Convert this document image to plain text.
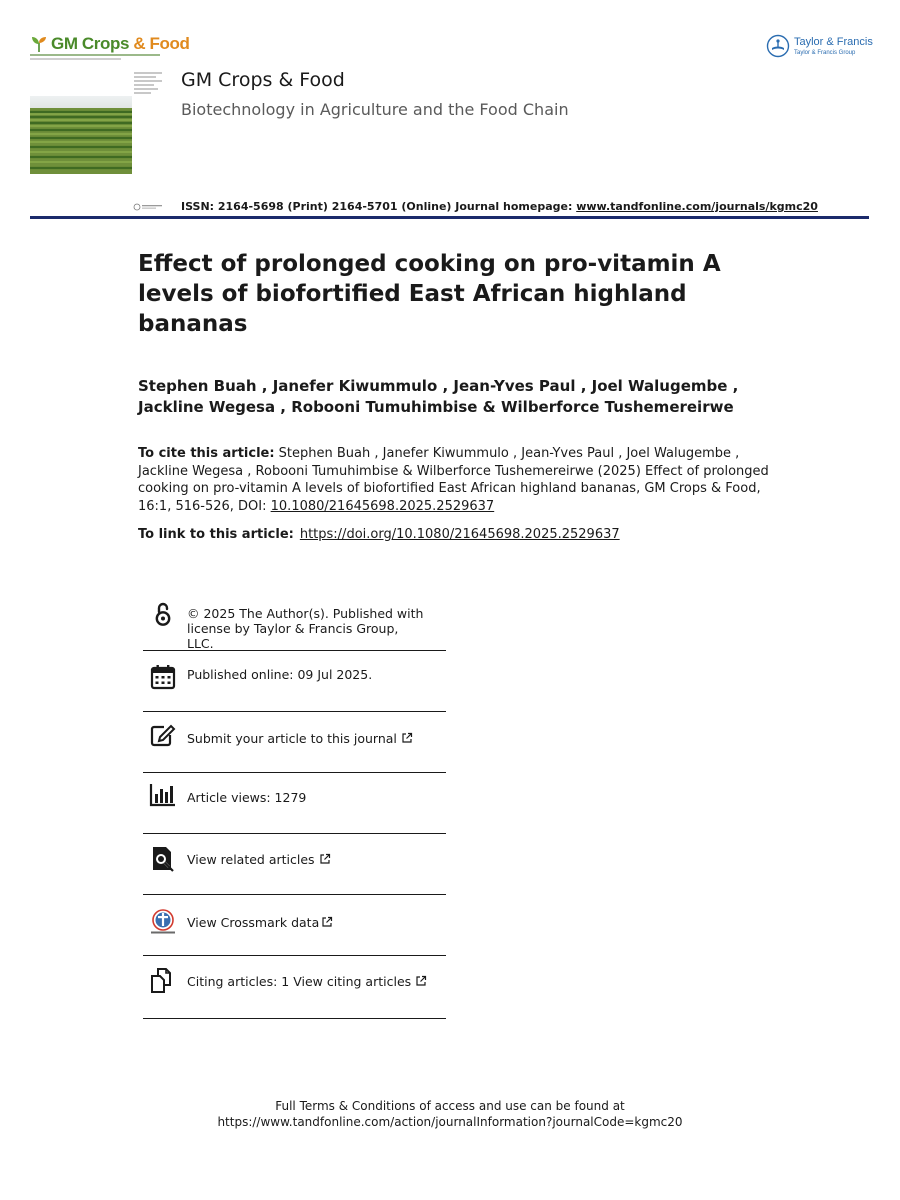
GM Crops & Food	Taylor & Francis
Taylor & Francis Group
GM Crops & Food
Biotechnology in Agriculture and the Food Chain
ISSN: 2164-5698 (Print) 2164-5701 (Online) Journal homepage: www.tandfonline.com/journals/kgmc20
Effect of prolonged cooking on pro-vitamin A levels of biofortified East African highland bananas
Stephen Buah , Janefer Kiwummulo , Jean-Yves Paul , Joel Walugembe , Jackline Wegesa , Robooni Tumuhimbise & Wilberforce Tushemereirwe
To cite this article: Stephen Buah , Janefer Kiwummulo , Jean-Yves Paul , Joel Walugembe , Jackline Wegesa , Robooni Tumuhimbise & Wilberforce Tushemereirwe (2025) Effect of prolonged cooking on pro-vitamin A levels of biofortified East African highland bananas, GM Crops & Food, 16:1, 516-526, DOI: 10.1080/21645698.2025.2529637
To link to this article: https://doi.org/10.1080/21645698.2025.2529637
© 2025 The Author(s). Published with license by Taylor & Francis Group, LLC.
Published online: 09 Jul 2025.
Submit your article to this journal
Article views: 1279
View related articles
View Crossmark data
Citing articles: 1 View citing articles
Full Terms & Conditions of access and use can be found at
https://www.tandfonline.com/action/journalInformation?journalCode=kgmc20
